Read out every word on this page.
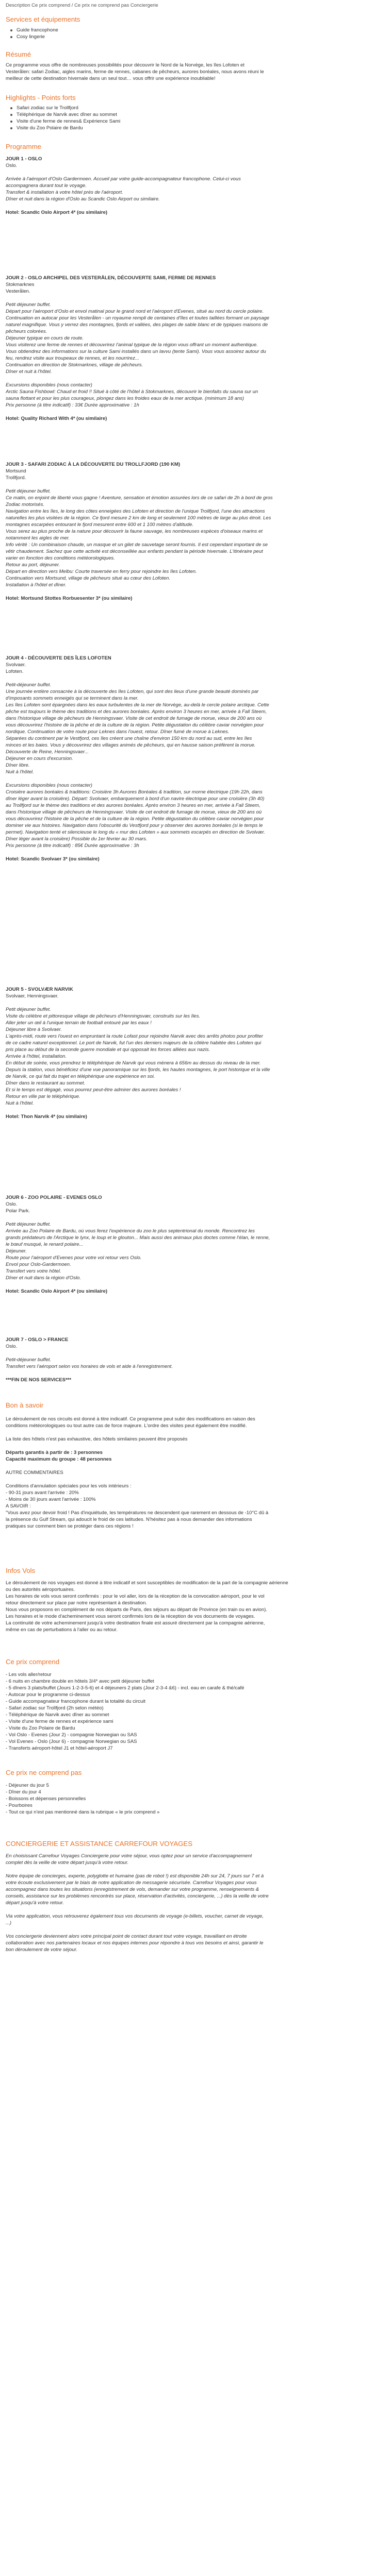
Description Ce prix comprend / Ce prix ne comprend pas Conciergerie
Services et équipements
Guide francophone
Cosy lingerie
Résumé
Ce programme vous offre de nombreuses possibilités pour découvrir le Nord de la Norvège, les îles Lofoten et
Vesterålen: safari Zodiac, aigles marins, ferme de rennes, cabanes de pêcheurs, aurores boréales, nous avons réuni le
meilleur de cette destination hivernale dans un seul tout… vous offrir une expérience inoubliable!
Highlights - Points forts
Safari zodiac sur le Trollfjord
Téléphérique de Narvik avec dîner au sommet
Visite d'une ferme de rennes& Expérience Sami
Visite du Zoo Polaire de Bardu
Programme
JOUR 1 - OSLO
Oslo.
Arrivée à l'aéroport d'Oslo Gardermoen. Accueil par votre guide-accompagnateur francophone. Celui-ci vous
accompagnera durant tout le voyage.
Transfert & installation à votre hôtel près de l'aéroport.
Dîner et nuit dans la région d'Oslo au Scandic Oslo Airport ou similaire.
Hotel: Scandic Oslo Airport 4* (ou similaire)
JOUR 2 - OSLO ARCHIPEL DES VESTERÅLEN, DÉCOUVERTE SAMI, FERME DE RENNES
Stokmarknes
Vesterålen.
Petit déjeuner buffet.
Départ pour l'aéroport d'Oslo et envol matinal pour le grand nord et l'aéroport d'Evenes, situé au nord du cercle polaire.
Continuation en autocar pour les Vesterålen - un royaume rempli de centaines d'îles et toutes taillées formant un paysage
naturel magnifique. Vous y verrez des montagnes, fjords et vallées, des plages de sable blanc et de typiques maisons de
pêcheurs colorées.
Déjeuner typique en cours de route.
Vous visiterez une ferme de rennes et découvrirez l'animal typique de la région vous offrant un moment authentique.
Vous obtiendrez des informations sur la culture Sami installés dans un lavvu (tente Sami). Vous vous assoirez autour du
feu, rendrez visite aux troupeaux de rennes, et les nourrirez...
Continuation en direction de Stokmarknes, village de pêcheurs.
Dîner et nuit à l'hôtel.
Excursions disponibles (nous contacter)
Arctic Sauna Fishbowl: Chaud et froid !! Situé à côté de l'hôtel à Stokmarknes, découvrir le bienfaits du sauna sur un
sauna flottant et pour les plus courageux, plongez dans les froides eaux de la mer arctique. (minimum 18 ans)
Prix personne (à titre indicatif) : 33€ Durée approximative : 1h
Hotel: Quality Richard With 4* (ou similaire)
JOUR 3 - SAFARI ZODIAC À LA DÉCOUVERTE DU TROLLFJORD (190 KM)
Mortsund
Trollfjord.
Petit déjeuner buffet.
Ce matin, on enjoint de liberté vous gagne ! Aventure, sensation et émotion assurées lors de ce safari de 2h à bord de gros
Zodiac motorisés.
Navigation entre les îles, le long des côtes enneigées des Lofoten et direction de l'unique Trollfjord, l'une des attractions
naturelles les plus visitées de la région. Ce fjord mesure 2 km de long et seulement 100 mètres de large au plus étroit. Les
montagnes escarpées entourant le fjord mesurent entre 600 et 1 100 mètres d'altitude.
Vous serez au plus proche de la nature pour découvrir la faune sauvage, les nombreuses espèces d'oiseaux marins et
notamment les aigles de mer.
Info vérité : Un combinaison chaude, un masque et un gilet de sauvetage seront fournis. Il est cependant important de se
vêtir chaudement. Sachez que cette activité est déconseillée aux enfants pendant la période hivernale. L'itinéraire peut
varier en fonction des conditions météorologiques.
Retour au port, déjeuner.
Départ en direction vers Melbu: Courte traversée en ferry pour rejoindre les îles Lofoten.
Continuation vers Mortsund, village de pêcheurs situé au cœur des Lofoten.
Installation à l'hôtel et dîner.
Hotel: Mortsund Stottes Rorbuesenter 3* (ou similaire)
JOUR 4 - DÉCOUVERTE DES ÎLES LOFOTEN
Svolvaer.
Lofoten.
Petit-déjeuner buffet.
Une journée entière consacrée à la découverte des îles Lofoten, qui sont des lieux d'une grande beauté dominés par
d'imposants sommets enneigés qui se terminent dans la mer.
Les îles Lofoten sont épargnées dans les eaux turbulentes de la mer de Norvège, au-delà le cercle polaire arctique. Cette
pêche est toujours le thème des traditions et des aurores boréales. Après environ 3 heures en mer, arrivée à Fall Steem,
dans l'historique village de pêcheurs de Henningsvaer. Visite de cet endroit de fumage de morue, vieux de 200 ans où
vous découvrirez l'histoire de la pêche et de la culture de la région. Petite dégustation du célèbre caviar norvégien pour
nordique. Continuation de votre route pour Leknes dans l'ouest, retour. Dîner fumé de morue à Leknes.
Séparées du continent par le Vestfjord, ces îles créent une chaîne d'environ 150 km du nord au sud, entre les îles
minces et les baies. Vous y découvrirez des villages animés de pêcheurs, qui en hausse saison préfèrent la morue.
Découverte de Reine, Henningsvaer...
Déjeuner en cours d'excursion.
Dîner libre.
Nuit à l'hôtel.
Excursions disponibles (nous contacter)
Croisière aurores boréales & traditions: Croisière 3h Aurores Boréales & tradition, sur morne électrique (19h 22h, dans
dîner léger avant la croisière). Départ: Svolvaer, embarquement à bord d'un navire électrique pour une croisière (3h 40)
au Trollfjord sur le thème des traditions et des aurores boréales. Après environ 3 heures en mer, arrivée à Fall Steem,
dans l'historique village de pêcheurs de Henningsvaer. Visite de cet endroit de fumage de morue, vieux de 200 ans où
vous découvrirez l'histoire de la pêche et de la culture de la région. Petite dégustation du célèbre caviar norvégien pour
dominer vie aux histoires. Navigation dans l'obscurité du Vestfjord pour y observer des aurores boréales (si le temps le
permet). Navigation tenté et silencieuse le long du « mur des Lofoten » aux sommets escarpés en direction de Svolvær.
Dîner léger avant la croisière) Possible du 1er février au 30 mars.
Prix personne (à titre indicatif) : 85€ Durée approximative : 3h
Hotel: Scandic Svolvaer 3* (ou similaire)
JOUR 5 - SVOLVÆR NARVIK
Svolvaer, Henningsvaer.
Petit déjeuner buffet.
Visite du célèbre et pittoresque village de pêcheurs d'Henningsvær, construits sur les îles.
Aller jeter un œil à l'unique terrain de football entouré par les eaux !
Déjeuner libre à Svolvaer.
L'après-midi, route vers l'ouest en empruntant la route Lofast pour rejoindre Narvik avec des arrêts photos pour profiter
de ce cadre naturel exceptionnel. Le port de Narvik, fut l'un des derniers majeurs de la côtière habitée des Lofoten qui
pris place au début de la seconde guerre mondiale et qui opposait les forces alliées aux nazis.
Arrivée à l'hôtel, installation.
En début de soirée, vous prendrez le téléphérique de Narvik qui vous mènera à 656m au dessus du niveau de la mer.
Depuis la station, vous bénéficiez d'une vue panoramique sur les fjords, les hautes montagnes, le port historique et la ville
de Narvik, ce qui fait du trajet en téléphérique une expérience en soi.
Dîner dans le restaurant au sommet.
Et si le temps est dégagé, vous pourrez peut-être admirer des aurores boréales !
Retour en ville par le téléphérique.
Nuit à l'hôtel.
Hotel: Thon Narvik 4* (ou similaire)
JOUR 6 - ZOO POLAIRE - EVENES OSLO
Oslo.
Polar Park.
Petit déjeuner buffet.
Arrivée au Zoo Polaire de Bardu, où vous ferez l'expérience du zoo le plus septentrional du monde. Rencontrez les
grands prédateurs de l'Arctique le lynx, le loup et le glouton... Mais aussi des animaux plus doctes comme l'élan, le renne,
le bœuf musqué, le renard polaire...
Déjeuner.
Route pour l'aéroport d'Evenes pour votre vol retour vers Oslo.
Envol pour Oslo-Gardermoen.
Transfert vers votre hôtel.
Dîner et nuit dans la région d'Oslo.
Hotel: Scandic Oslo Airport 4* (ou similaire)
JOUR 7 - OSLO > FRANCE
Oslo.
Petit-déjeuner buffet.
Transfert vers l'aéroport selon vos horaires de vols et aide à l'enregistrement.
***FIN DE NOS SERVICES***
Bon à savoir
Le déroulement de nos circuits est donné à titre indicatif. Ce programme peut subir des modifications en raison des
conditions météorologiques ou tout autre cas de force majeure. L'ordre des visites peut également être modifié.
La liste des hôtels n'est pas exhaustive, des hôtels similaires peuvent être proposés
Départs garantis à partir de : 3 personnes
Capacité maximum du groupe : 48 personnes
AUTRE COMMENTAIRES
Conditions d'annulation spéciales pour les vols intérieurs :
- 90-31 jours avant l'arrivée : 20%
- Moins de 30 jours avant l'arrivée : 100%
A SAVOIR :
"Vous avez pour devoir froid ! Pas d'inquiétude, les températures ne descendent que rarement en dessous de -10°C dû à
la présence du Gulf Stream, qui adoucit le froid de ces latitudes. N'hésitez pas à nous demander des informations
pratiques sur comment bien se protéger dans ces régions !
Infos Vols
Le déroulement de nos voyages est donné à titre indicatif et sont susceptibles de modification de la part de la compagnie aérienne
ou des autorités aéroportuaires.
Les horaires de vols vous seront confirmés : pour le vol aller, lors de la réception de la convocation aéroport, pour le vol
retour directement sur place par notre représentant à destination.
Nous vous proposons en complément de nos départs de Paris, des séjours au départ de Province (en train ou en avion).
Les horaires et le mode d'acheminement vous seront confirmés lors de la réception de vos documents de voyages.
La continuité de votre acheminement jusqu'à votre destination finale est assuré directement par la compagnie aérienne,
même en cas de perturbations à l'aller ou au retour.
Ce prix comprend
- Les vols aller/retour
- 6 nuits en chambre double en hôtels 3/4* avec petit déjeuner buffet
- 5 dîners 3 plats/buffet (Jours 1-2-3-5-6) et 4 déjeuners 2 plats (Jour 2-3-4 &6) - incl. eau en carafe & thé/café
- Autocar pour le programme ci-dessus
- Guide accompagnateur francophone durant la totalité du circuit
- Safari zodiac sur Trollfjord (2h selon météo)
- Téléphérique de Narvik avec dîner au sommet
- Visite d'une ferme de rennes et expérience sami
- Visite du Zoo Polaire de Bardu
- Vol Oslo - Evenes (Jour 2) - compagnie Norwegian ou SAS
- Vol Evenes - Oslo (Jour 6) - compagnie Norwegian ou SAS
- Transferts aéroport-hôtel J1 et hôtel-aéroport J7
Ce prix ne comprend pas
- Déjeuner du jour 5
- Dîner du jour 4
- Boissons et dépenses personnelles
- Pourboires
- Tout ce qui n'est pas mentionné dans la rubrique « le prix comprend »
CONCIERGERIE ET ASSISTANCE CARREFOUR VOYAGES
En choisissant Carrefour Voyages Conciergerie pour votre séjour, vous optez pour un service d'accompagnement
complet dès la veille de votre départ jusqu'à votre retour.
Notre équipe de concierges, experte, polyglotte et humaine (pas de robot !) est disponible 24h sur 24, 7 jours sur 7 et à
votre écoute exclusivement par le biais de notre application de messagerie sécurisée. Carrefour Voyages pour vous
accompagnez dans toutes les situations (enregistrement de vols, demander sur votre programme, renseignements &
conseils, assistance sur les problèmes rencontrés sur place, réservation d'activités, conciergerie, ...) dès la veille de votre
départ jusqu'à votre retour.
Via votre application, vous retrouverez également tous vos documents de voyage (e-billets, voucher, carnet de voyage,
...)
Vos conciergerie deviennent alors votre principal point de contact durant tout votre voyage, travaillant en étroite
collaboration avec nos partenaires locaux et nos équipes internes pour répondre à tous vos besoins et ainsi, garantir le
bon déroulement de votre séjour.
